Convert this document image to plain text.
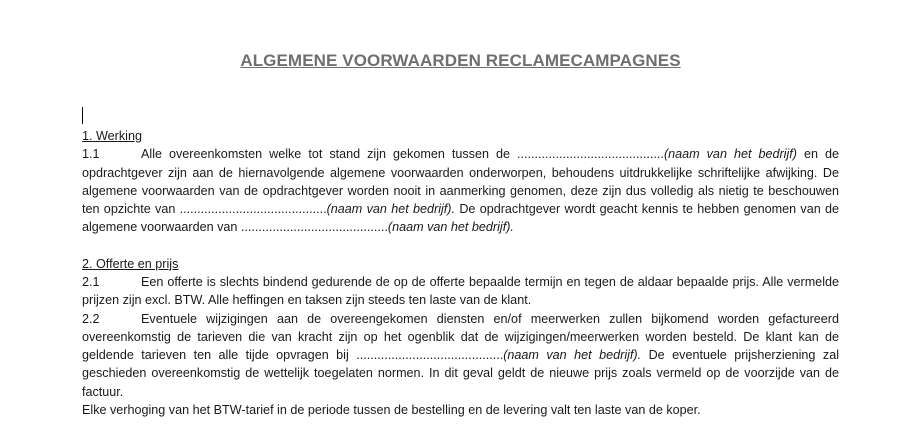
ALGEMENE VOORWAARDEN RECLAMECAMPAGNES

1. Werking

1.1	Alle overeenkomsten welke tot stand zijn gekomen tussen de ..........................................(naam van het bedrijf) en de opdrachtgever zijn aan de hiernavolgende algemene voorwaarden onderworpen, behoudens uitdrukkelijke schriftelijke afwijking. De algemene voorwaarden van de opdrachtgever worden nooit in aanmerking genomen, deze zijn dus volledig als nietig te beschouwen ten opzichte van ..........................................(naam van het bedrijf). De opdrachtgever wordt geacht kennis te hebben genomen van de algemene voorwaarden van ..........................................(naam van het bedrijf).

2. Offerte en prijs

2.1	Een offerte is slechts bindend gedurende de op de offerte bepaalde termijn en tegen de aldaar bepaalde prijs. Alle vermelde prijzen zijn excl. BTW. Alle heffingen en taksen zijn steeds ten laste van de klant.

2.2	Eventuele wijzigingen aan de overeengekomen diensten en/of meerwerken zullen bijkomend worden gefactureerd overeenkomstig de tarieven die van kracht zijn op het ogenblik dat de wijzigingen/meerwerken worden besteld. De klant kan de geldende tarieven ten alle tijde opvragen bij ..........................................(naam van het bedrijf). De eventuele prijsherziening zal geschieden overeenkomstig de wettelijk toegelaten normen. In dit geval geldt de nieuwe prijs zoals vermeld op de voorzijde van de factuur.

Elke verhoging van het BTW-tarief in de periode tussen de bestelling en de levering valt ten laste van de koper.
